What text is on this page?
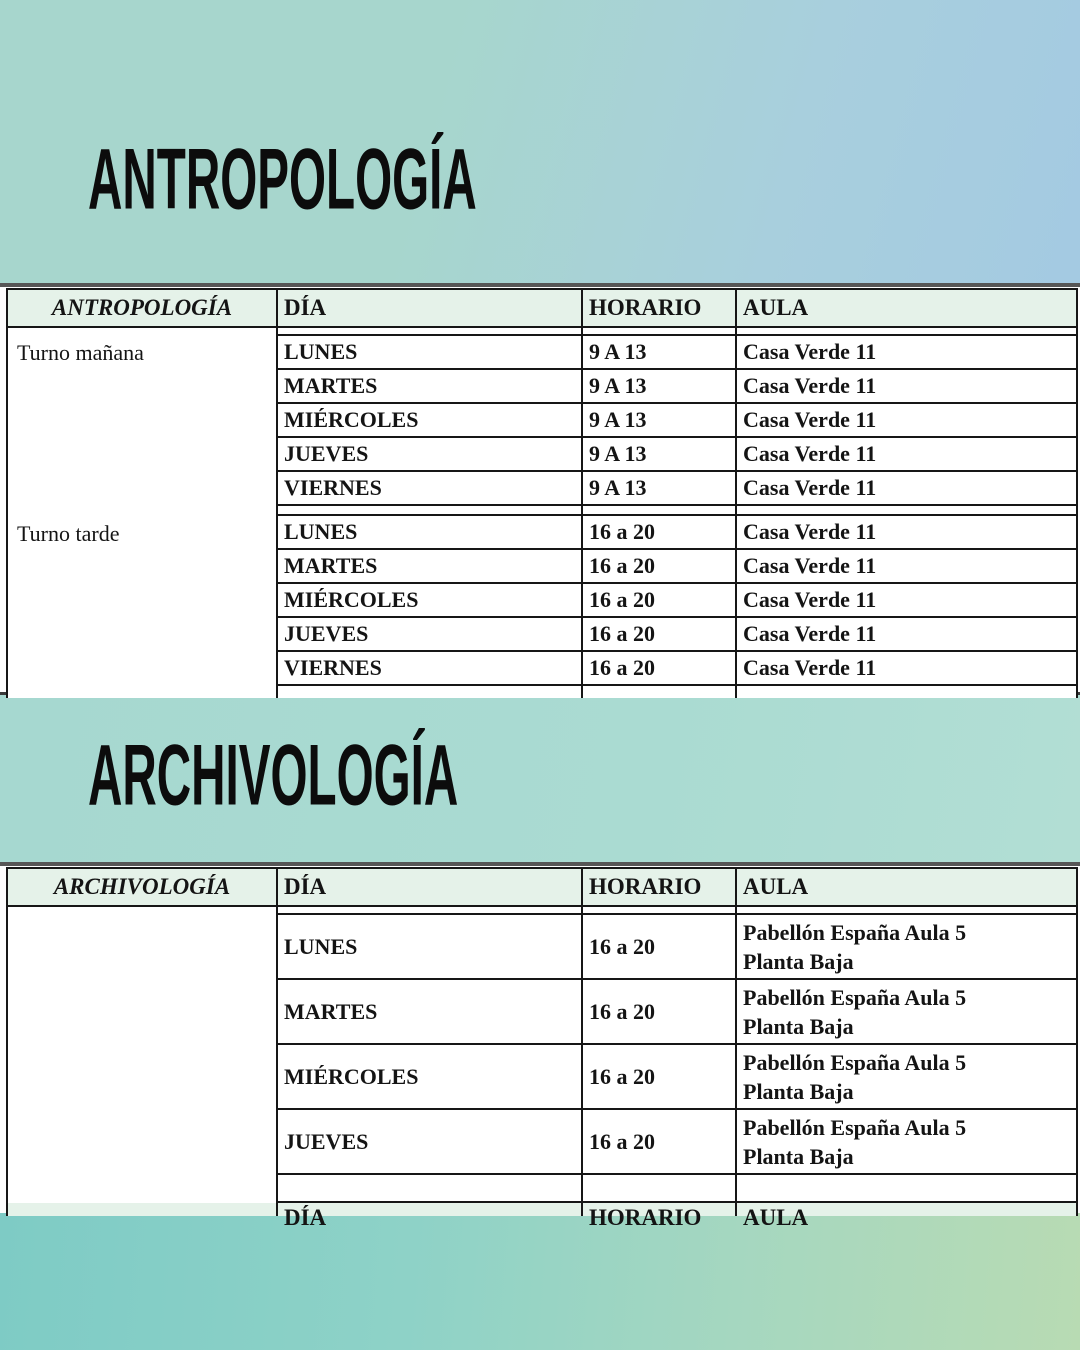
ANTROPOLOGÍA
ARCHIVOLOGÍA
ANTROPOLOGÍA	DÍA	HORARIO	AULA
Turno mañana
Turno tarde
LUNES	9 A 13	Casa Verde 11
MARTES	9 A 13	Casa Verde 11
MIÉRCOLES	9 A 13	Casa Verde 11
JUEVES	9 A 13	Casa Verde 11
VIERNES	9 A 13	Casa Verde 11
LUNES	16 a 20	Casa Verde 11
MARTES	16 a 20	Casa Verde 11
MIÉRCOLES	16 a 20	Casa Verde 11
JUEVES	16 a 20	Casa Verde 11
VIERNES	16 a 20	Casa Verde 11
ARCHIVOLOGÍA	DÍA	HORARIO	AULA
LUNES	16 a 20
Pabellón España Aula 5
Planta Baja
MARTES	16 a 20
Pabellón España Aula 5
Planta Baja
MIÉRCOLES	16 a 20
Pabellón España Aula 5
Planta Baja
JUEVES	16 a 20
Pabellón España Aula 5
Planta Baja
DÍA	HORARIO AULA
